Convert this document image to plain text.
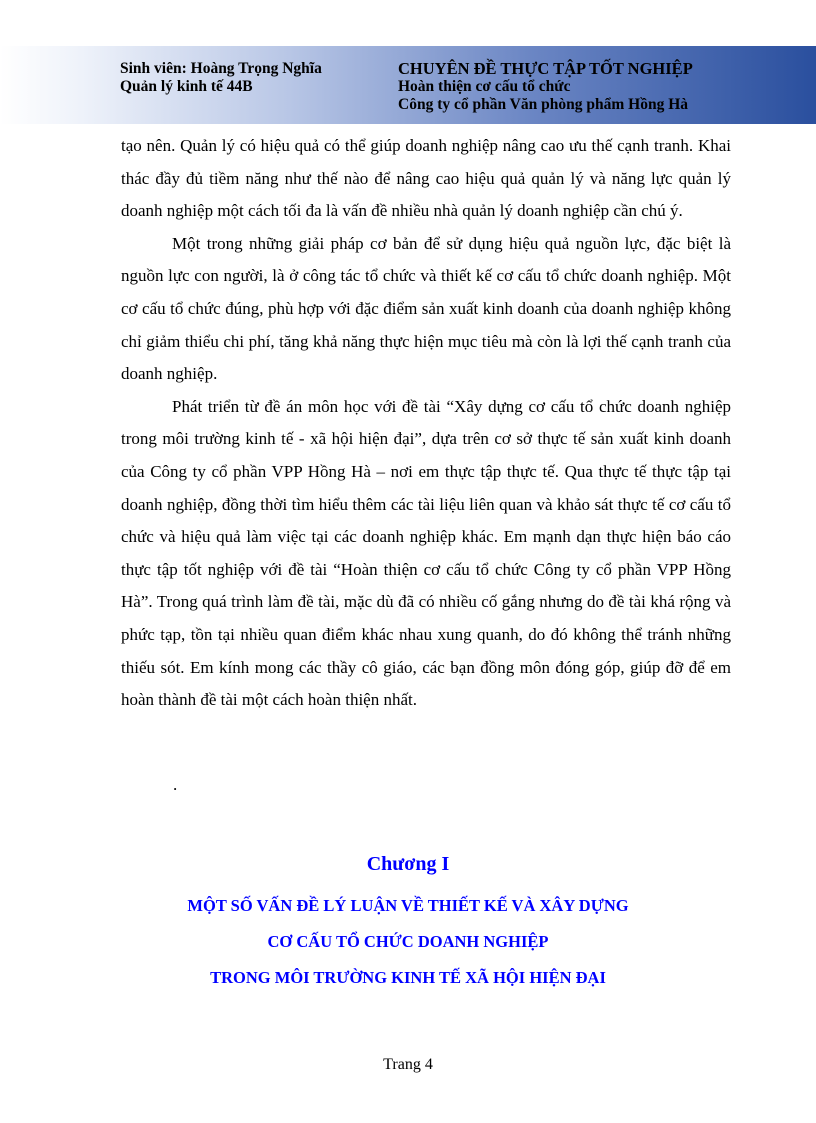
Sinh viên: Hoàng Trọng Nghĩa
Quản lý kinh tế 44B
CHUYÊN ĐỀ THỰC TẬP TỐT NGHIỆP
Hoàn thiện cơ cấu tổ chức
Công ty cổ phần Văn phòng phẩm Hồng Hà

tạo nên. Quản lý có hiệu quả có thể giúp doanh nghiệp nâng cao ưu thế cạnh tranh. Khai thác đầy đủ tiềm năng như thế nào để nâng cao hiệu quả quản lý và năng lực quản lý doanh nghiệp một cách tối đa là vấn đề nhiều nhà quản lý doanh nghiệp cần chú ý.

Một trong những giải pháp cơ bản để sử dụng hiệu quả nguồn lực, đặc biệt là nguồn lực con người, là ở công tác tổ chức và thiết kế cơ cấu tổ chức doanh nghiệp. Một cơ cấu tổ chức đúng, phù hợp với đặc điểm sản xuất kinh doanh của doanh nghiệp không chỉ giảm thiểu chi phí, tăng khả năng thực hiện mục tiêu mà còn là lợi thế cạnh tranh của doanh nghiệp.

Phát triển từ đề án môn học với đề tài “Xây dựng cơ cấu tổ chức doanh nghiệp trong môi trường kinh tế - xã hội hiện đại”, dựa trên cơ sở thực tế sản xuất kinh doanh của Công ty cổ phần VPP Hồng Hà – nơi em thực tập thực tế. Qua thực tế thực tập tại doanh nghiệp, đồng thời tìm hiểu thêm các tài liệu liên quan và khảo sát thực tế cơ cấu tổ chức và hiệu quả làm việc tại các doanh nghiệp khác. Em mạnh dạn thực hiện báo cáo thực tập tốt nghiệp với đề tài “Hoàn thiện cơ cấu tổ chức Công ty cổ phần VPP Hồng Hà”. Trong quá trình làm đề tài, mặc dù đã có nhiều cố gắng nhưng do đề tài khá rộng và phức tạp, tồn tại nhiều quan điểm khác nhau xung quanh, do đó không thể tránh những thiếu sót. Em kính mong các thầy cô giáo, các bạn đồng môn đóng góp, giúp đỡ để em hoàn thành đề tài một cách hoàn thiện nhất.

.
Chương I
MỘT SỐ VẤN ĐỀ LÝ LUẬN VỀ THIẾT KẾ VÀ XÂY DỰNG
CƠ CẤU TỔ CHỨC DOANH NGHIỆP
TRONG MÔI TRƯỜNG KINH TẾ XÃ HỘI HIỆN ĐẠI
Trang 4
